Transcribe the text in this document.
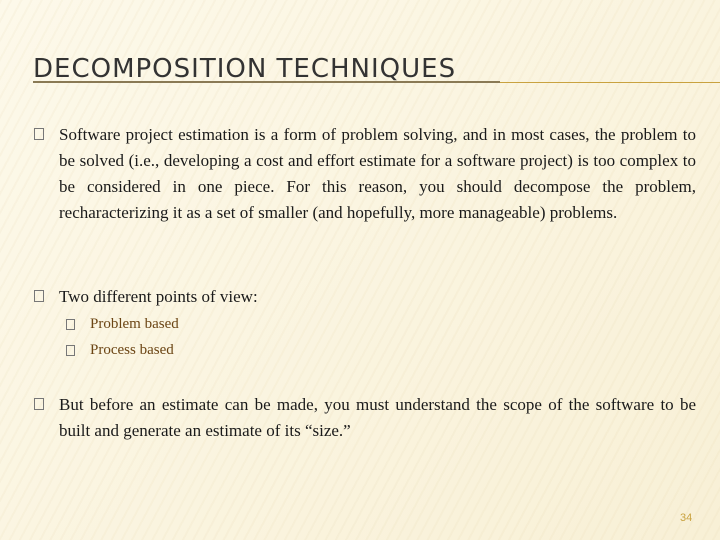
DECOMPOSITION TECHNIQUES
Software project estimation is a form of problem solving, and in most cases, the problem to be solved (i.e., developing a cost and effort estimate for a software project) is too complex to be considered in one piece. For this reason, you should decompose the problem, recharacterizing it as a set of smaller (and hopefully, more manageable) problems.
Two different points of view:
Problem based
Process based
But before an estimate can be made, you must understand the scope of the software to be built and generate an estimate of its “size.”
34
